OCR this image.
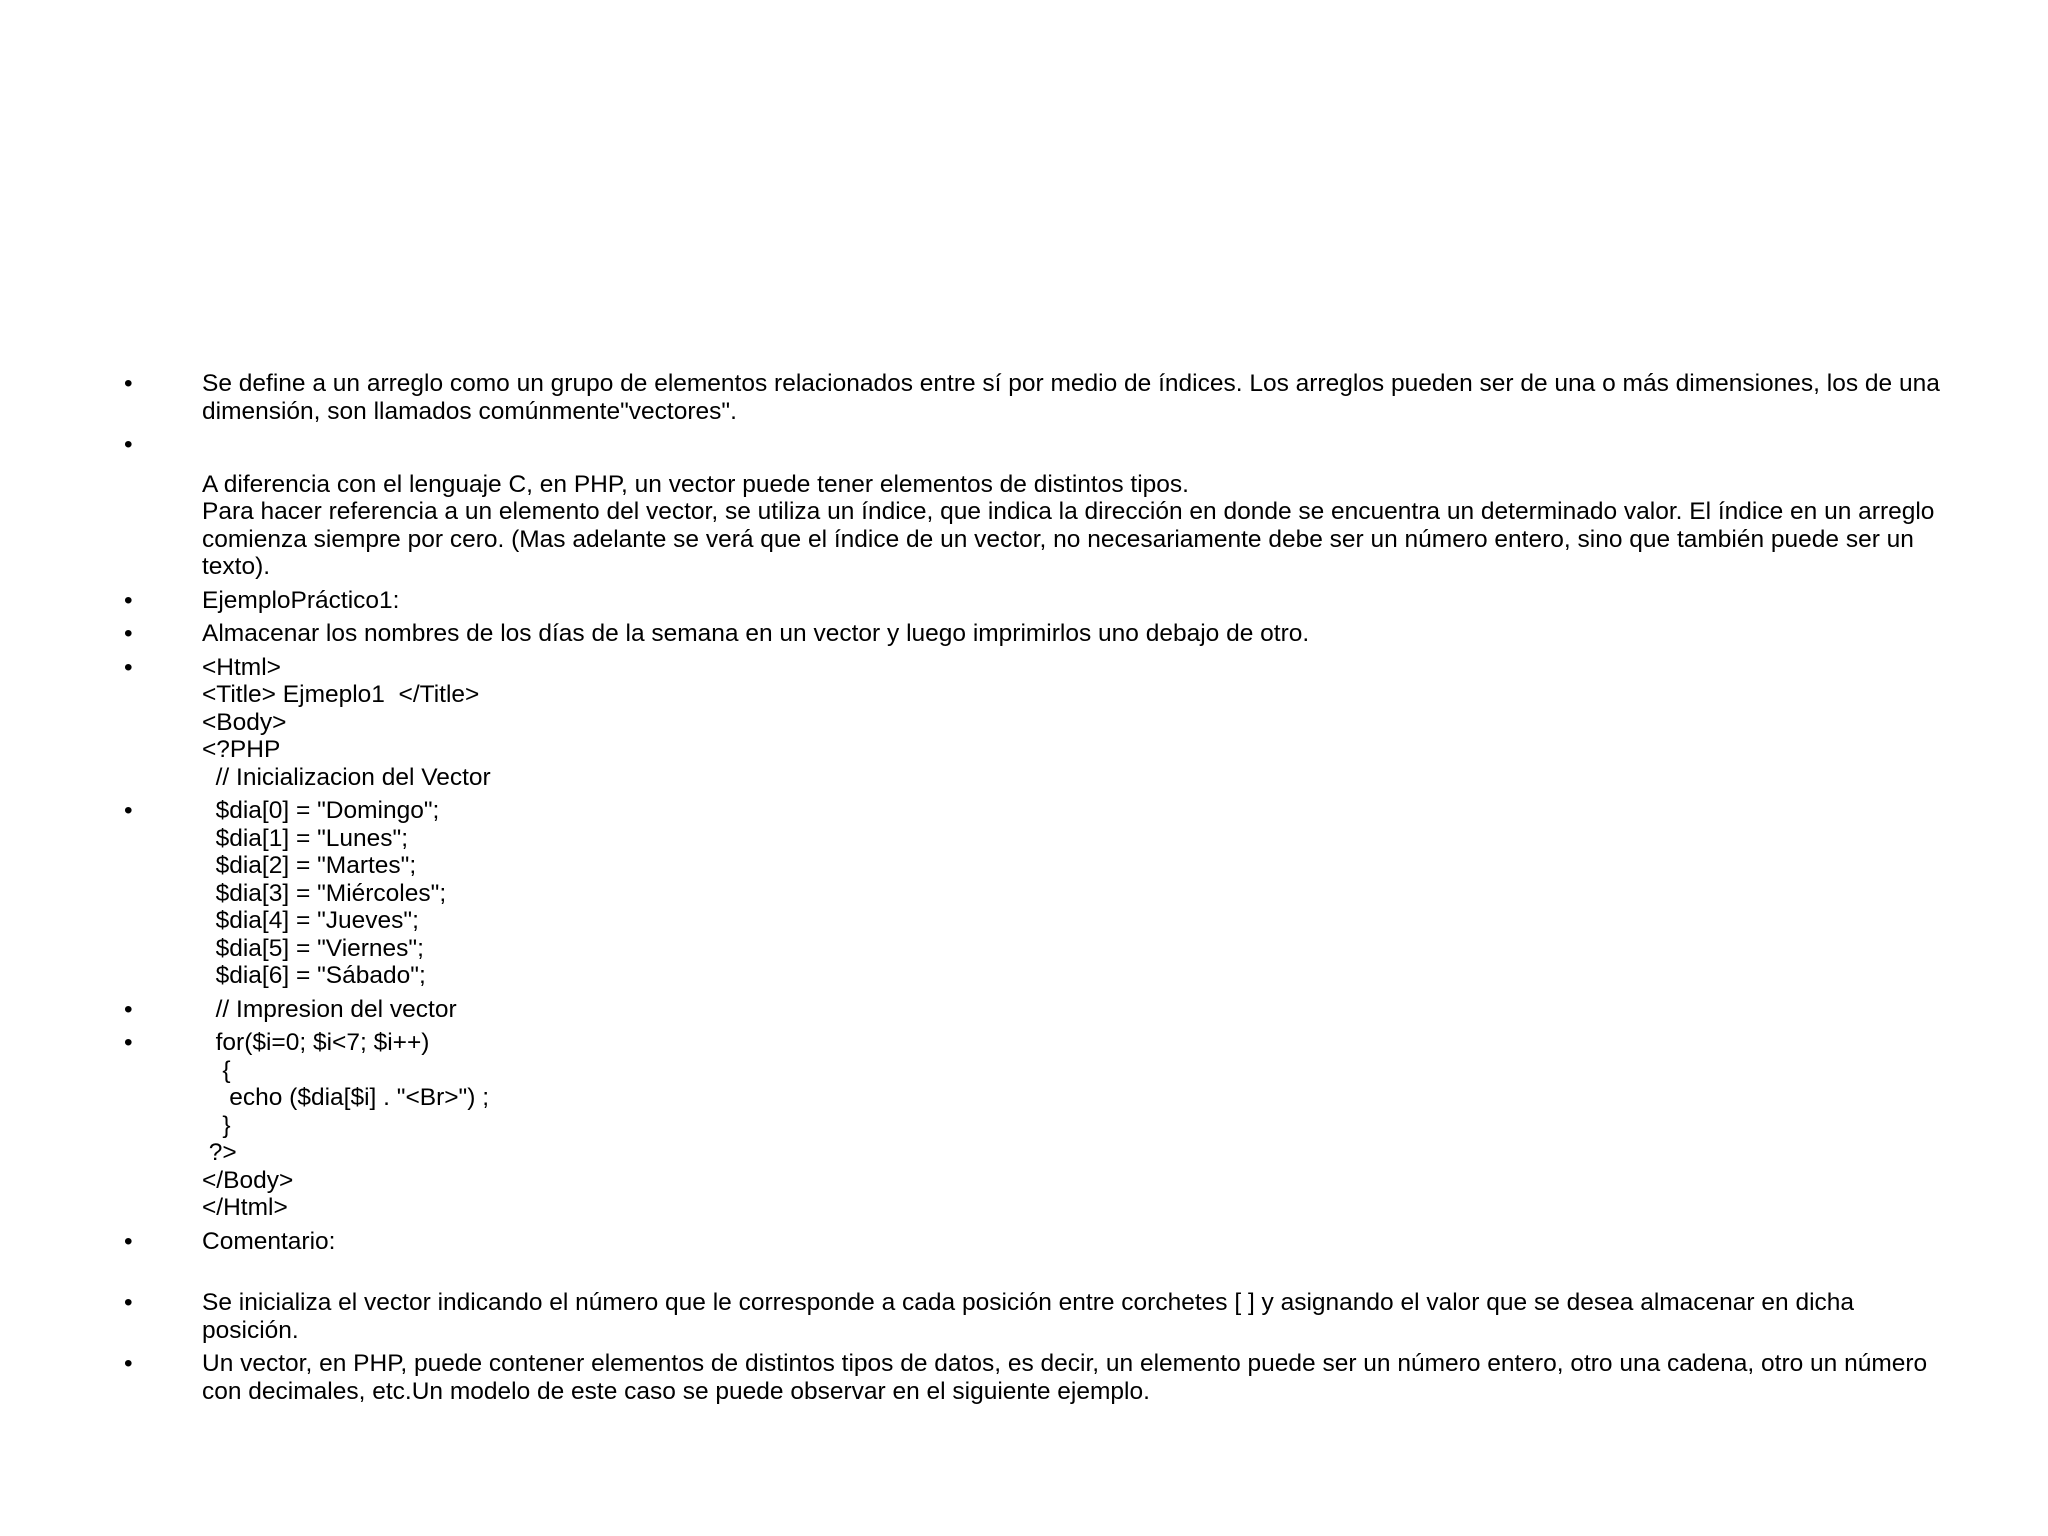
•	Se define a un arreglo como un grupo de elementos relacionados entre sí por medio de índices. Los arreglos pueden ser de una o más dimensiones, los de una dimensión, son llamados comúnmente"vectores".
•
A diferencia con el lenguaje C, en PHP, un vector puede tener elementos de distintos tipos.
Para hacer referencia a un elemento del vector, se utiliza un índice, que indica la dirección en donde se encuentra un determinado valor. El índice en un arreglo comienza siempre por cero. (Mas adelante se verá que el índice de un vector, no necesariamente debe ser un número entero, sino que también puede ser un texto).
•	EjemploPráctico1:
•	Almacenar los nombres de los días de la semana en un vector y luego imprimirlos uno debajo de otro.
•	<Html>
<Title> Ejmeplo1  </Title>
<Body>
<?PHP
// Inicializacion del Vector
•	$dia[0] = "Domingo";
$dia[1] = "Lunes";
$dia[2] = "Martes";
$dia[3] = "Miércoles";
$dia[4] = "Jueves";
$dia[5] = "Viernes";
$dia[6] = "Sábado";
•	// Impresion del vector
•	for($i=0; $i<7; $i++)
{
echo ($dia[$i] . "<Br>") ;
}
?>
</Body>
</Html>
•	Comentario:
•	Se inicializa el vector indicando el número que le corresponde a cada posición entre corchetes [ ] y asignando el valor que se desea almacenar en dicha posición.
•	Un vector, en PHP, puede contener elementos de distintos tipos de datos, es decir, un elemento puede ser un número entero, otro una cadena, otro un número con decimales, etc.Un modelo de este caso se puede observar en el siguiente ejemplo.
